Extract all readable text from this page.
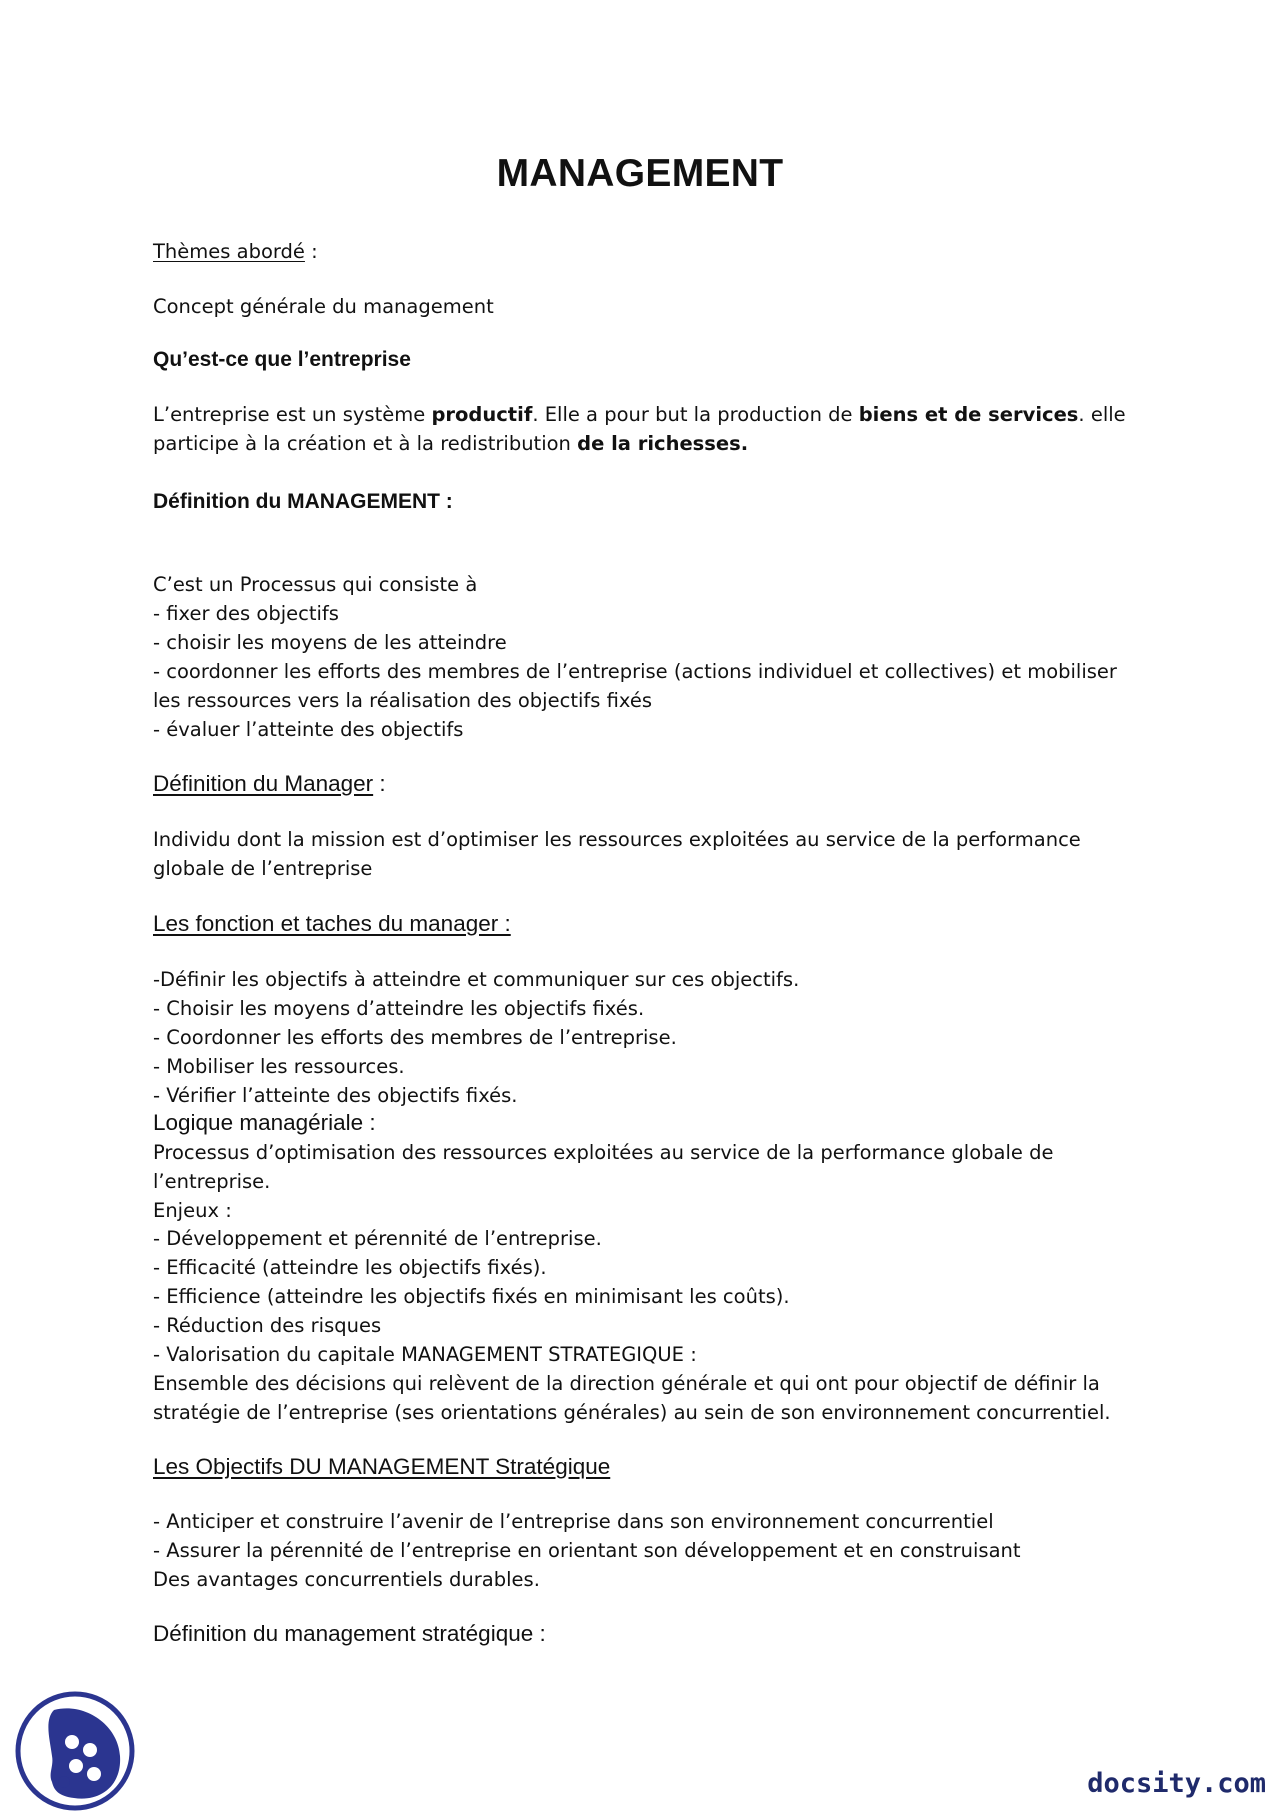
MANAGEMENT
Thèmes abordé :
Concept générale du management
Qu’est-ce que l’entreprise
L’entreprise est un système productif. Elle a pour but la production de biens et de services. elle
participe à la création et à la redistribution de la richesses.
Définition du MANAGEMENT :
C’est un Processus qui consiste à
- fixer des objectifs
- choisir les moyens de les atteindre
- coordonner les efforts des membres de l’entreprise (actions individuel et collectives) et mobiliser
les ressources vers la réalisation des objectifs fixés
- évaluer l’atteinte des objectifs
Définition du Manager :
Individu dont la mission est d’optimiser les ressources exploitées au service de la performance
globale de l’entreprise
Les fonction et taches du manager :
-Définir les objectifs à atteindre et communiquer sur ces objectifs.
- Choisir les moyens d’atteindre les objectifs fixés.
- Coordonner les efforts des membres de l’entreprise.
- Mobiliser les ressources.
- Vérifier l’atteinte des objectifs fixés.
Logique managériale :
Processus d’optimisation des ressources exploitées au service de la performance globale de
l’entreprise.
Enjeux :
- Développement et pérennité de l’entreprise.
- Efficacité (atteindre les objectifs fixés).
- Efficience (atteindre les objectifs fixés en minimisant les coûts).
- Réduction des risques
- Valorisation du capitale MANAGEMENT STRATEGIQUE :
Ensemble des décisions qui relèvent de la direction générale et qui ont pour objectif de définir la
stratégie de l’entreprise (ses orientations générales) au sein de son environnement concurrentiel.
Les Objectifs DU MANAGEMENT Stratégique
- Anticiper et construire l’avenir de l’entreprise dans son environnement concurrentiel
- Assurer la pérennité de l’entreprise en orientant son développement et en construisant
Des avantages concurrentiels durables.
Définition du management stratégique :
docsity.com
